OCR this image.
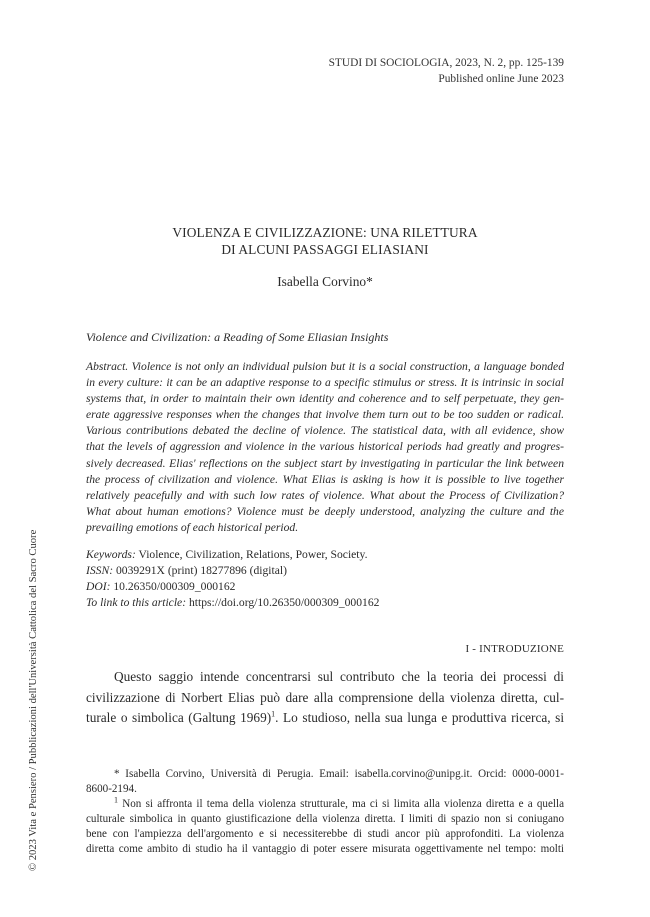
STUDI DI SOCIOLOGIA, 2023, N. 2, pp. 125-139
Published online June 2023
VIOLENZA E CIVILIZZAZIONE: UNA RILETTURA
DI ALCUNI PASSAGGI ELIASIANI
Isabella Corvino*
Violence and Civilization: a Reading of Some Eliasian Insights
Abstract. Violence is not only an individual pulsion but it is a social construction, a language bonded
in every culture: it can be an adaptive response to a specific stimulus or stress. It is intrinsic in social
systems that, in order to maintain their own identity and coherence and to self perpetuate, they gen-
erate aggressive responses when the changes that involve them turn out to be too sudden or radical.
Various contributions debated the decline of violence. The statistical data, with all evidence, show
that the levels of aggression and violence in the various historical periods had greatly and progres-
sively decreased. Elias' reflections on the subject start by investigating in particular the link between
the process of civilization and violence. What Elias is asking is how it is possible to live together
relatively peacefully and with such low rates of violence. What about the Process of Civilization?
What about human emotions? Violence must be deeply understood, analyzing the culture and the
prevailing emotions of each historical period.
Keywords: Violence, Civilization, Relations, Power, Society.
ISSN: 0039291X (print) 18277896 (digital)
DOI: 10.26350/000309_000162
To link to this article: https://doi.org/10.26350/000309_000162
I - INTRODUZIONE
Questo saggio intende concentrarsi sul contributo che la teoria dei processi di
civilizzazione di Norbert Elias può dare alla comprensione della violenza diretta, cul-
turale o simbolica (Galtung 1969)$^1$. Lo studioso, nella sua lunga e produttiva ricerca, si
* Isabella Corvino, Università di Perugia. Email: isabella.corvino@unipg.it. Orcid: 0000-0001-
8600-2194.
$^1$ Non si affronta il tema della violenza strutturale, ma ci si limita alla violenza diretta e a quella
culturale simbolica in quanto giustificazione della violenza diretta. I limiti di spazio non si coniugano
bene con l'ampiezza dell'argomento e si necessiterebbe di studi ancor più approfonditi. La violenza
diretta come ambito di studio ha il vantaggio di poter essere misurata oggettivamente nel tempo: molti
© 2023 Vita e Pensiero / Pubblicazioni dell'Università Cattolica del Sacro Cuore
